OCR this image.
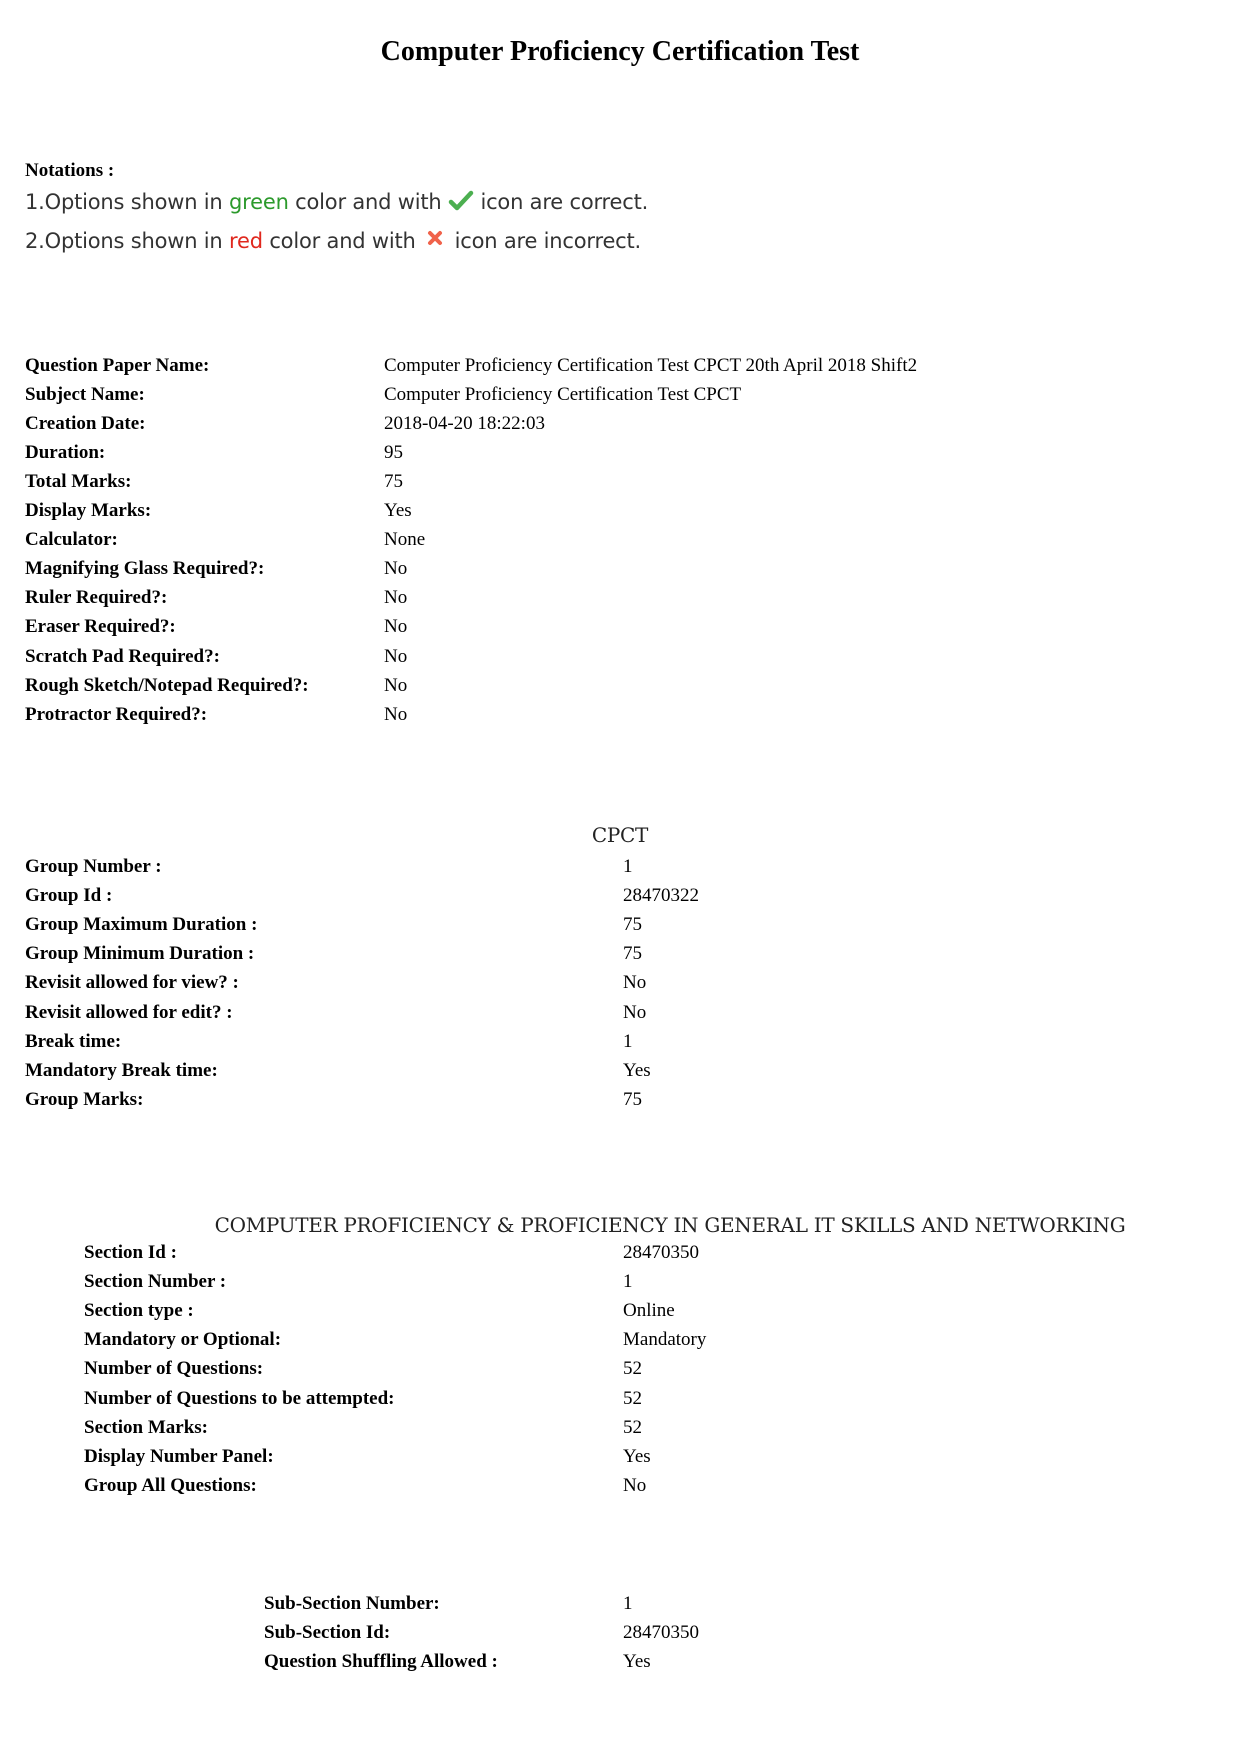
Computer Proficiency Certification Test
Notations :
1.Options shown in green color and with  icon are correct.
2.Options shown in red color and with  icon are incorrect.
Question Paper Name:	Computer Proficiency Certification Test CPCT 20th April 2018 Shift2
Subject Name:	Computer Proficiency Certification Test CPCT
Creation Date:	2018-04-20 18:22:03
Duration:	95
Total Marks:	75
Display Marks:	Yes
Calculator:	None
Magnifying Glass Required?:	No
Ruler Required?:	No
Eraser Required?:	No
Scratch Pad Required?:	No
Rough Sketch/Notepad Required?:	No
Protractor Required?:	No
CPCT
Group Number :	1
Group Id :	28470322
Group Maximum Duration :	75
Group Minimum Duration :	75
Revisit allowed for view? :	No
Revisit allowed for edit? :	No
Break time:	1
Mandatory Break time:	Yes
Group Marks:	75
COMPUTER PROFICIENCY & PROFICIENCY IN GENERAL IT SKILLS AND NETWORKING
Section Id :	28470350
Section Number :	1
Section type :	Online
Mandatory or Optional:	Mandatory
Number of Questions:	52
Number of Questions to be attempted:	52
Section Marks:	52
Display Number Panel:	Yes
Group All Questions:	No
Sub-Section Number:	1
Sub-Section Id:	28470350
Question Shuffling Allowed :	Yes
